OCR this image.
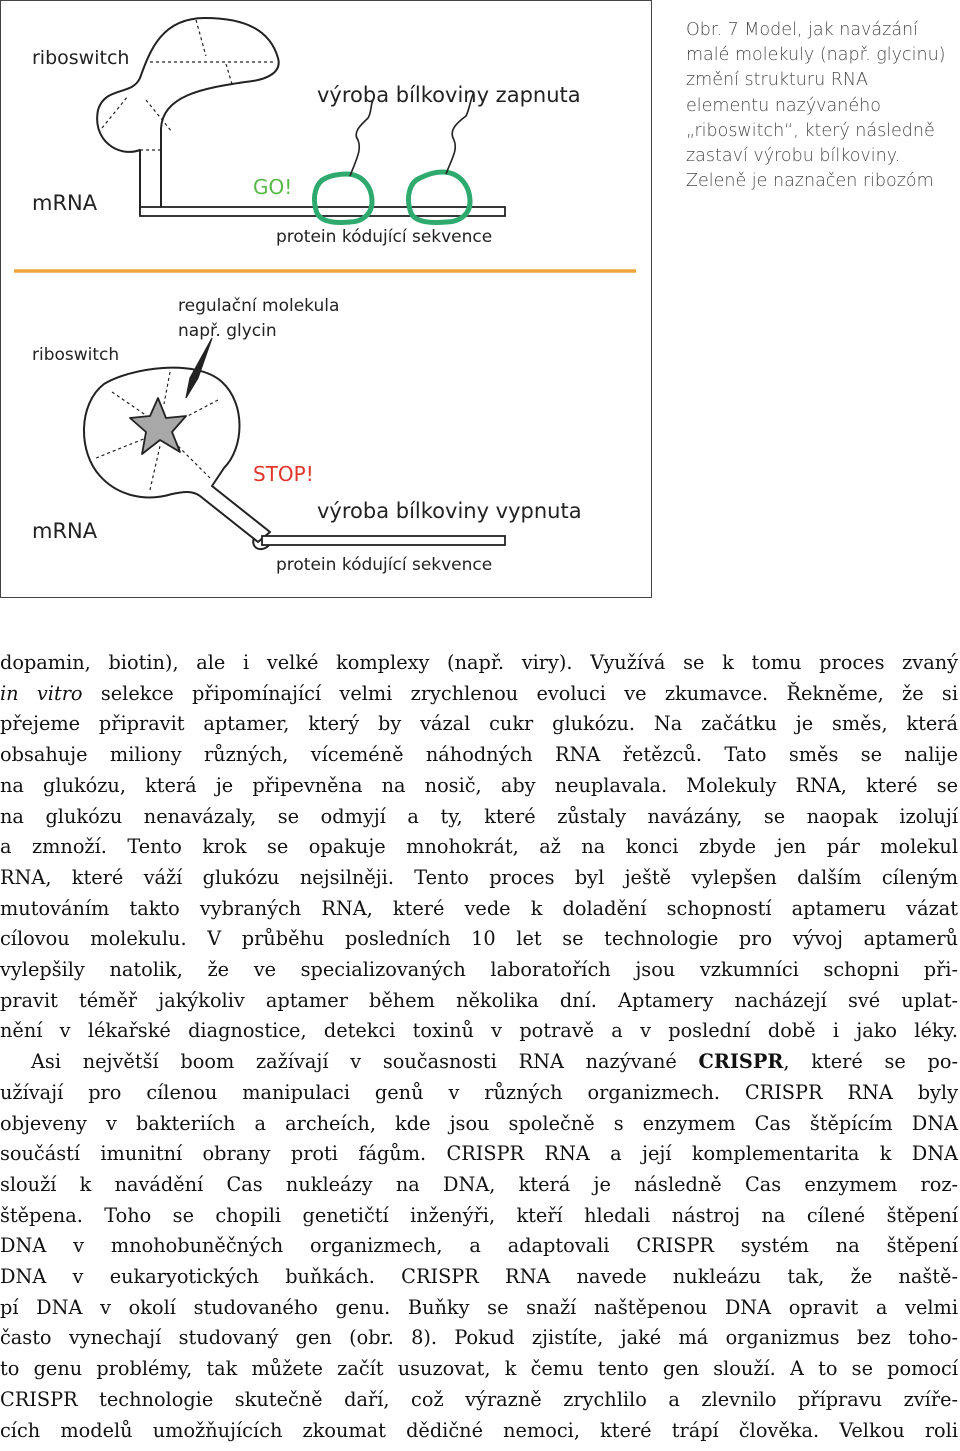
riboswitch
mRNA
GO!
výroba bílkoviny zapnuta
protein kódující sekvence
regulační molekula
např. glycin
riboswitch
mRNA
STOP!
výroba bílkoviny vypnuta
protein kódující sekvence
Obr. 7 Model, jak navázání
malé molekuly (např. glycinu)
změní strukturu RNA
elementu nazývaného
„riboswitch“, který následně
zastaví výrobu bílkoviny.
Zeleně je naznačen ribozóm
dopamin, biotin), ale i velké komplexy (např. viry). Využívá se k tomu proces zvaný
in vitro selekce připomínající velmi zrychlenou evoluci ve zkumavce. Řekněme, že si
přejeme připravit aptamer, který by vázal cukr glukózu. Na začátku je směs, která
obsahuje miliony různých, víceméně náhodných RNA řetězců. Tato směs se nalije
na glukózu, která je připevněna na nosič, aby neuplavala. Molekuly RNA, které se
na glukózu nenavázaly, se odmyjí a ty, které zůstaly navázány, se naopak izolují
a zmnoží. Tento krok se opakuje mnohokrát, až na konci zbyde jen pár molekul
RNA, které váží glukózu nejsilněji. Tento proces byl ještě vylepšen dalším cíleným
mutováním takto vybraných RNA, které vede k doladění schopností aptameru vázat
cílovou molekulu. V průběhu posledních 10 let se technologie pro vývoj aptamerů
vylepšily natolik, že ve specializovaných laboratořích jsou vzkumníci schopni při-
pravit téměř jakýkoliv aptamer během několika dní. Aptamery nacházejí své uplat-
nění v lékařské diagnostice, detekci toxinů v potravě a v poslední době i jako léky.
Asi největší boom zažívají v současnosti RNA nazývané CRISPR, které se po-
užívají pro cílenou manipulaci genů v různých organizmech. CRISPR RNA byly
objeveny v bakteriích a archeích, kde jsou společně s enzymem Cas štěpícím DNA
součástí imunitní obrany proti fágům. CRISPR RNA a její komplementarita k DNA
slouží k navádění Cas nukleázy na DNA, která je následně Cas enzymem roz-
štěpena. Toho se chopili genetičtí inženýři, kteří hledali nástroj na cílené štěpení
DNA v mnohobuněčných organizmech, a adaptovali CRISPR systém na štěpení
DNA v eukaryotických buňkách. CRISPR RNA navede nukleázu tak, že naště-
pí DNA v okolí studovaného genu. Buňky se snaží naštěpenou DNA opravit a velmi
často vynechají studovaný gen (obr. 8). Pokud zjistíte, jaké má organizmus bez toho-
to genu problémy, tak můžete začít usuzovat, k čemu tento gen slouží. A to se pomocí
CRISPR technologie skutečně daří, což výrazně zrychlilo a zlevnilo přípravu zvíře-
cích modelů umožňujících zkoumat dědičné nemoci, které trápí člověka. Velkou roli
